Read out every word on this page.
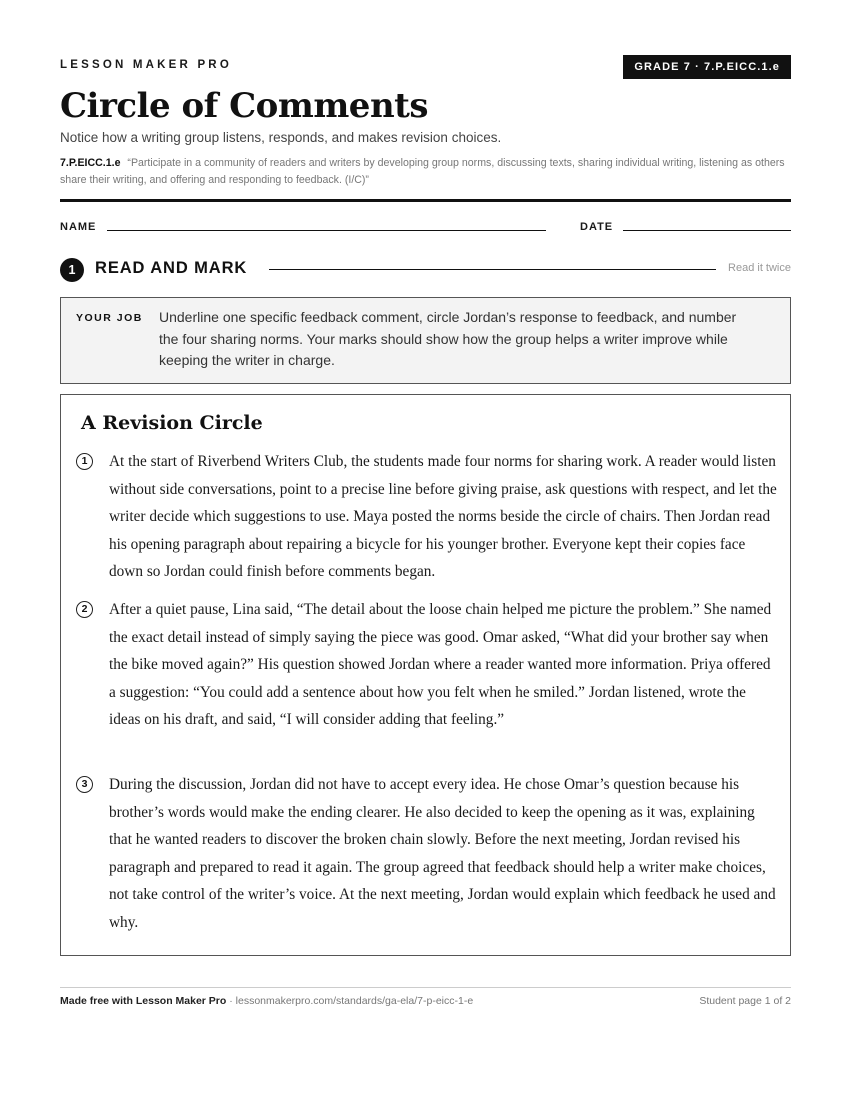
LESSON MAKER PRO	GRADE 7 · 7.P.EICC.1.e
Circle of Comments
Notice how a writing group listens, responds, and makes revision choices.
7.P.EICC.1.e “Participate in a community of readers and writers by developing group norms, discussing texts, sharing individual writing, listening as others share their writing, and offering and responding to feedback. (I/C)”
NAME	DATE
1	READ AND MARK	Read it twice
YOUR JOB Underline one specific feedback comment, circle Jordan’s response to feedback, and number the four sharing norms. Your marks should show how the group helps a writer improve while keeping the writer in charge.
A Revision Circle
1	At the start of Riverbend Writers Club, the students made four norms for sharing work. A reader would listen without side conversations, point to a precise line before giving praise, ask questions with respect, and let the writer decide which suggestions to use. Maya posted the norms beside the circle of chairs. Then Jordan read his opening paragraph about repairing a bicycle for his younger brother. Everyone kept their copies face down so Jordan could finish before comments began.
2	After a quiet pause, Lina said, “The detail about the loose chain helped me picture the problem.” She named the exact detail instead of simply saying the piece was good. Omar asked, “What did your brother say when the bike moved again?” His question showed Jordan where a reader wanted more information. Priya offered a suggestion: “You could add a sentence about how you felt when he smiled.” Jordan listened, wrote the ideas on his draft, and said, “I will consider adding that feeling.”
3	During the discussion, Jordan did not have to accept every idea. He chose Omar’s question because his brother’s words would make the ending clearer. He also decided to keep the opening as it was, explaining that he wanted readers to discover the broken chain slowly. Before the next meeting, Jordan revised his paragraph and prepared to read it again. The group agreed that feedback should help a writer make choices, not take control of the writer’s voice. At the next meeting, Jordan would explain which feedback he used and why.
Made free with Lesson Maker Pro · lessonmakerpro.com/standards/ga-ela/7-p-eicc-1-e	Student page 1 of 2
